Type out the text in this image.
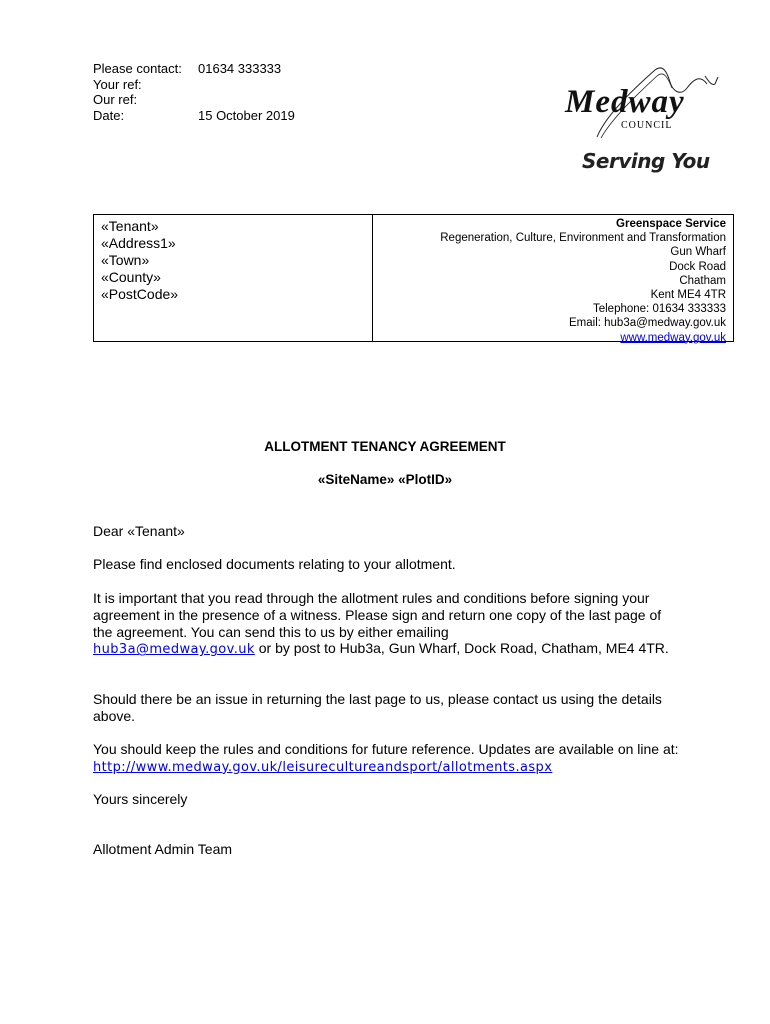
Please contact:	01634 333333
Your ref:
Our ref:
Date:	15 October 2019	Medway
COUNCIL
Serving You
«Tenant»
«Address1»
«Town»
«County»
«PostCode»
Greenspace Service
Regeneration, Culture, Environment and Transformation
Gun Wharf
Dock Road
Chatham
Kent ME4 4TR
Telephone: 01634 333333
Email: hub3a@medway.gov.uk
www.medway.gov.uk
ALLOTMENT TENANCY AGREEMENT
«SiteName» «PlotID»
Dear «Tenant»
Please find enclosed documents relating to your allotment.
It is important that you read through the allotment rules and conditions before signing your agreement in the presence of a witness. Please sign and return one copy of the last page of the agreement. You can send this to us by either emailing
hub3a@medway.gov.uk or by post to Hub3a, Gun Wharf, Dock Road, Chatham, ME4 4TR.
Should there be an issue in returning the last page to us, please contact us using the details above.
You should keep the rules and conditions for future reference. Updates are available on line at: http://www.medway.gov.uk/leisurecultureandsport/allotments.aspx
Yours sincerely
Allotment Admin Team
